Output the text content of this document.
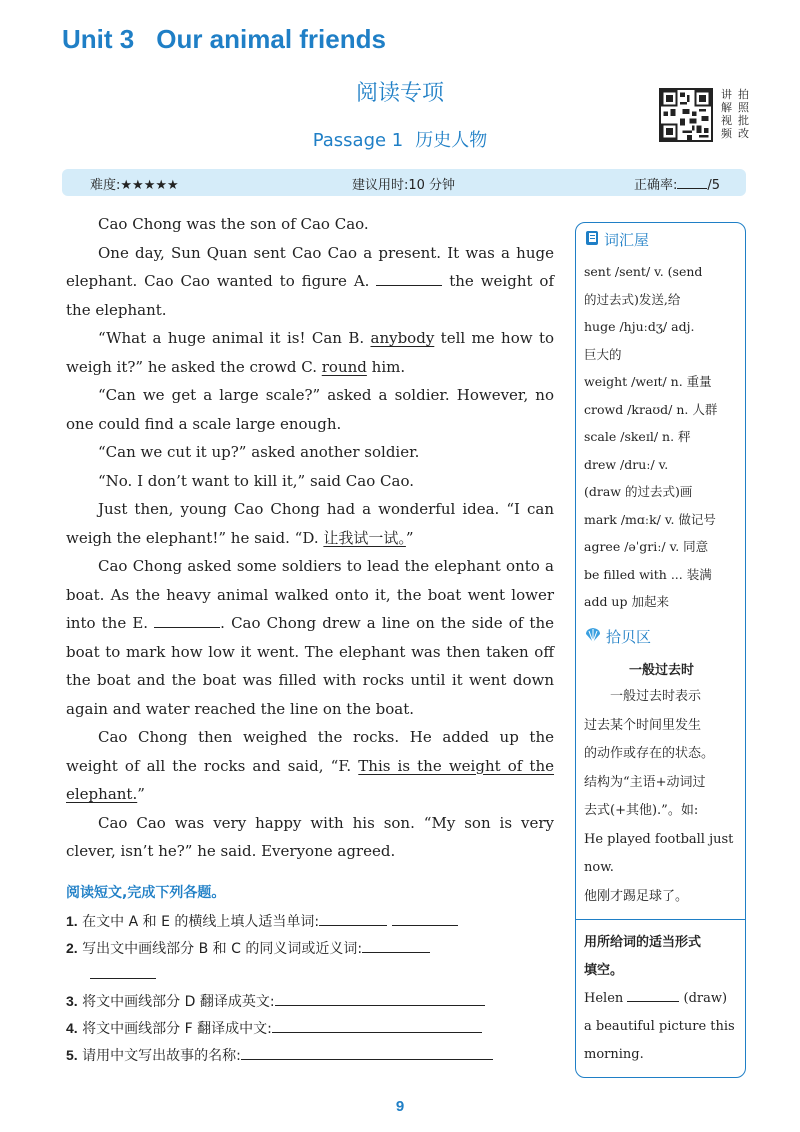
Unit 3 Our animal friends
阅读专项
Passage 1 历史人物
讲 拍
解 照
视 批
频 改
难度:★★★★★	建议用时:10 分钟	正确率: /5

Cao Chong was the son of Cao Cao.

One day, Sun Quan sent Cao Cao a present. It was a huge elephant. Cao Cao wanted to figure A.	the weight of the elephant.

“What a huge animal it is! Can B. anybody tell me how to weigh it?” he asked the crowd C. round him.

“Can we get a large scale?” asked a soldier. However, no one could find a scale large enough.

“Can we cut it up?” asked another soldier.

“No. I don’t want to kill it,” said Cao Cao.

Just then, young Cao Chong had a wonderful idea. “I can weigh the elephant!” he said. “D. 让我试一试。”

Cao Chong asked some soldiers to lead the elephant onto a boat. As the heavy animal walked onto it, the boat went lower into the E.	. Cao Chong drew a line on the side of the boat to mark how low it went. The elephant was then taken off the boat and the boat was filled with rocks until it went down again and water reached the line on the boat.

Cao Chong then weighed the rocks. He added up the weight of all the rocks and said, “F. This is the weight of the elephant.”

Cao Cao was very happy with his son. “My son is very clever, isn’t he?” he said. Everyone agreed.

阅读短文,完成下列各题。
1. 在文中 A 和 E 的横线上填人适当单词:
2. 写出文中画线部分 B 和 C 的同义词或近义词:
3. 将文中画线部分 D 翻译成英文:
4. 将文中画线部分 F 翻译成中文:
5. 请用中文写出故事的名称:
词汇屋
sent /sent/ v. (send
的过去式)发送,给
huge /hjuːdʒ/ adj.
巨大的
weight /weɪt/ n. 重量
crowd /kraʊd/ n. 人群
scale /skeɪl/ n. 秤
drew /druː/ v.
(draw 的过去式)画
mark /mɑːk/ v. 做记号
agree /əˈgriː/ v. 同意
be filled with ... 装满
add up 加起来
拾贝区
一般过去时
一般过去时表示
过去某个时间里发生
的动作或存在的状态。
结构为“主语+动词过
去式(+其他).”。如:
He played football just
now.
他刚才踢足球了。
用所给词的适当形式
填空。
Helen	(draw)
a beautiful picture this
morning.
9
